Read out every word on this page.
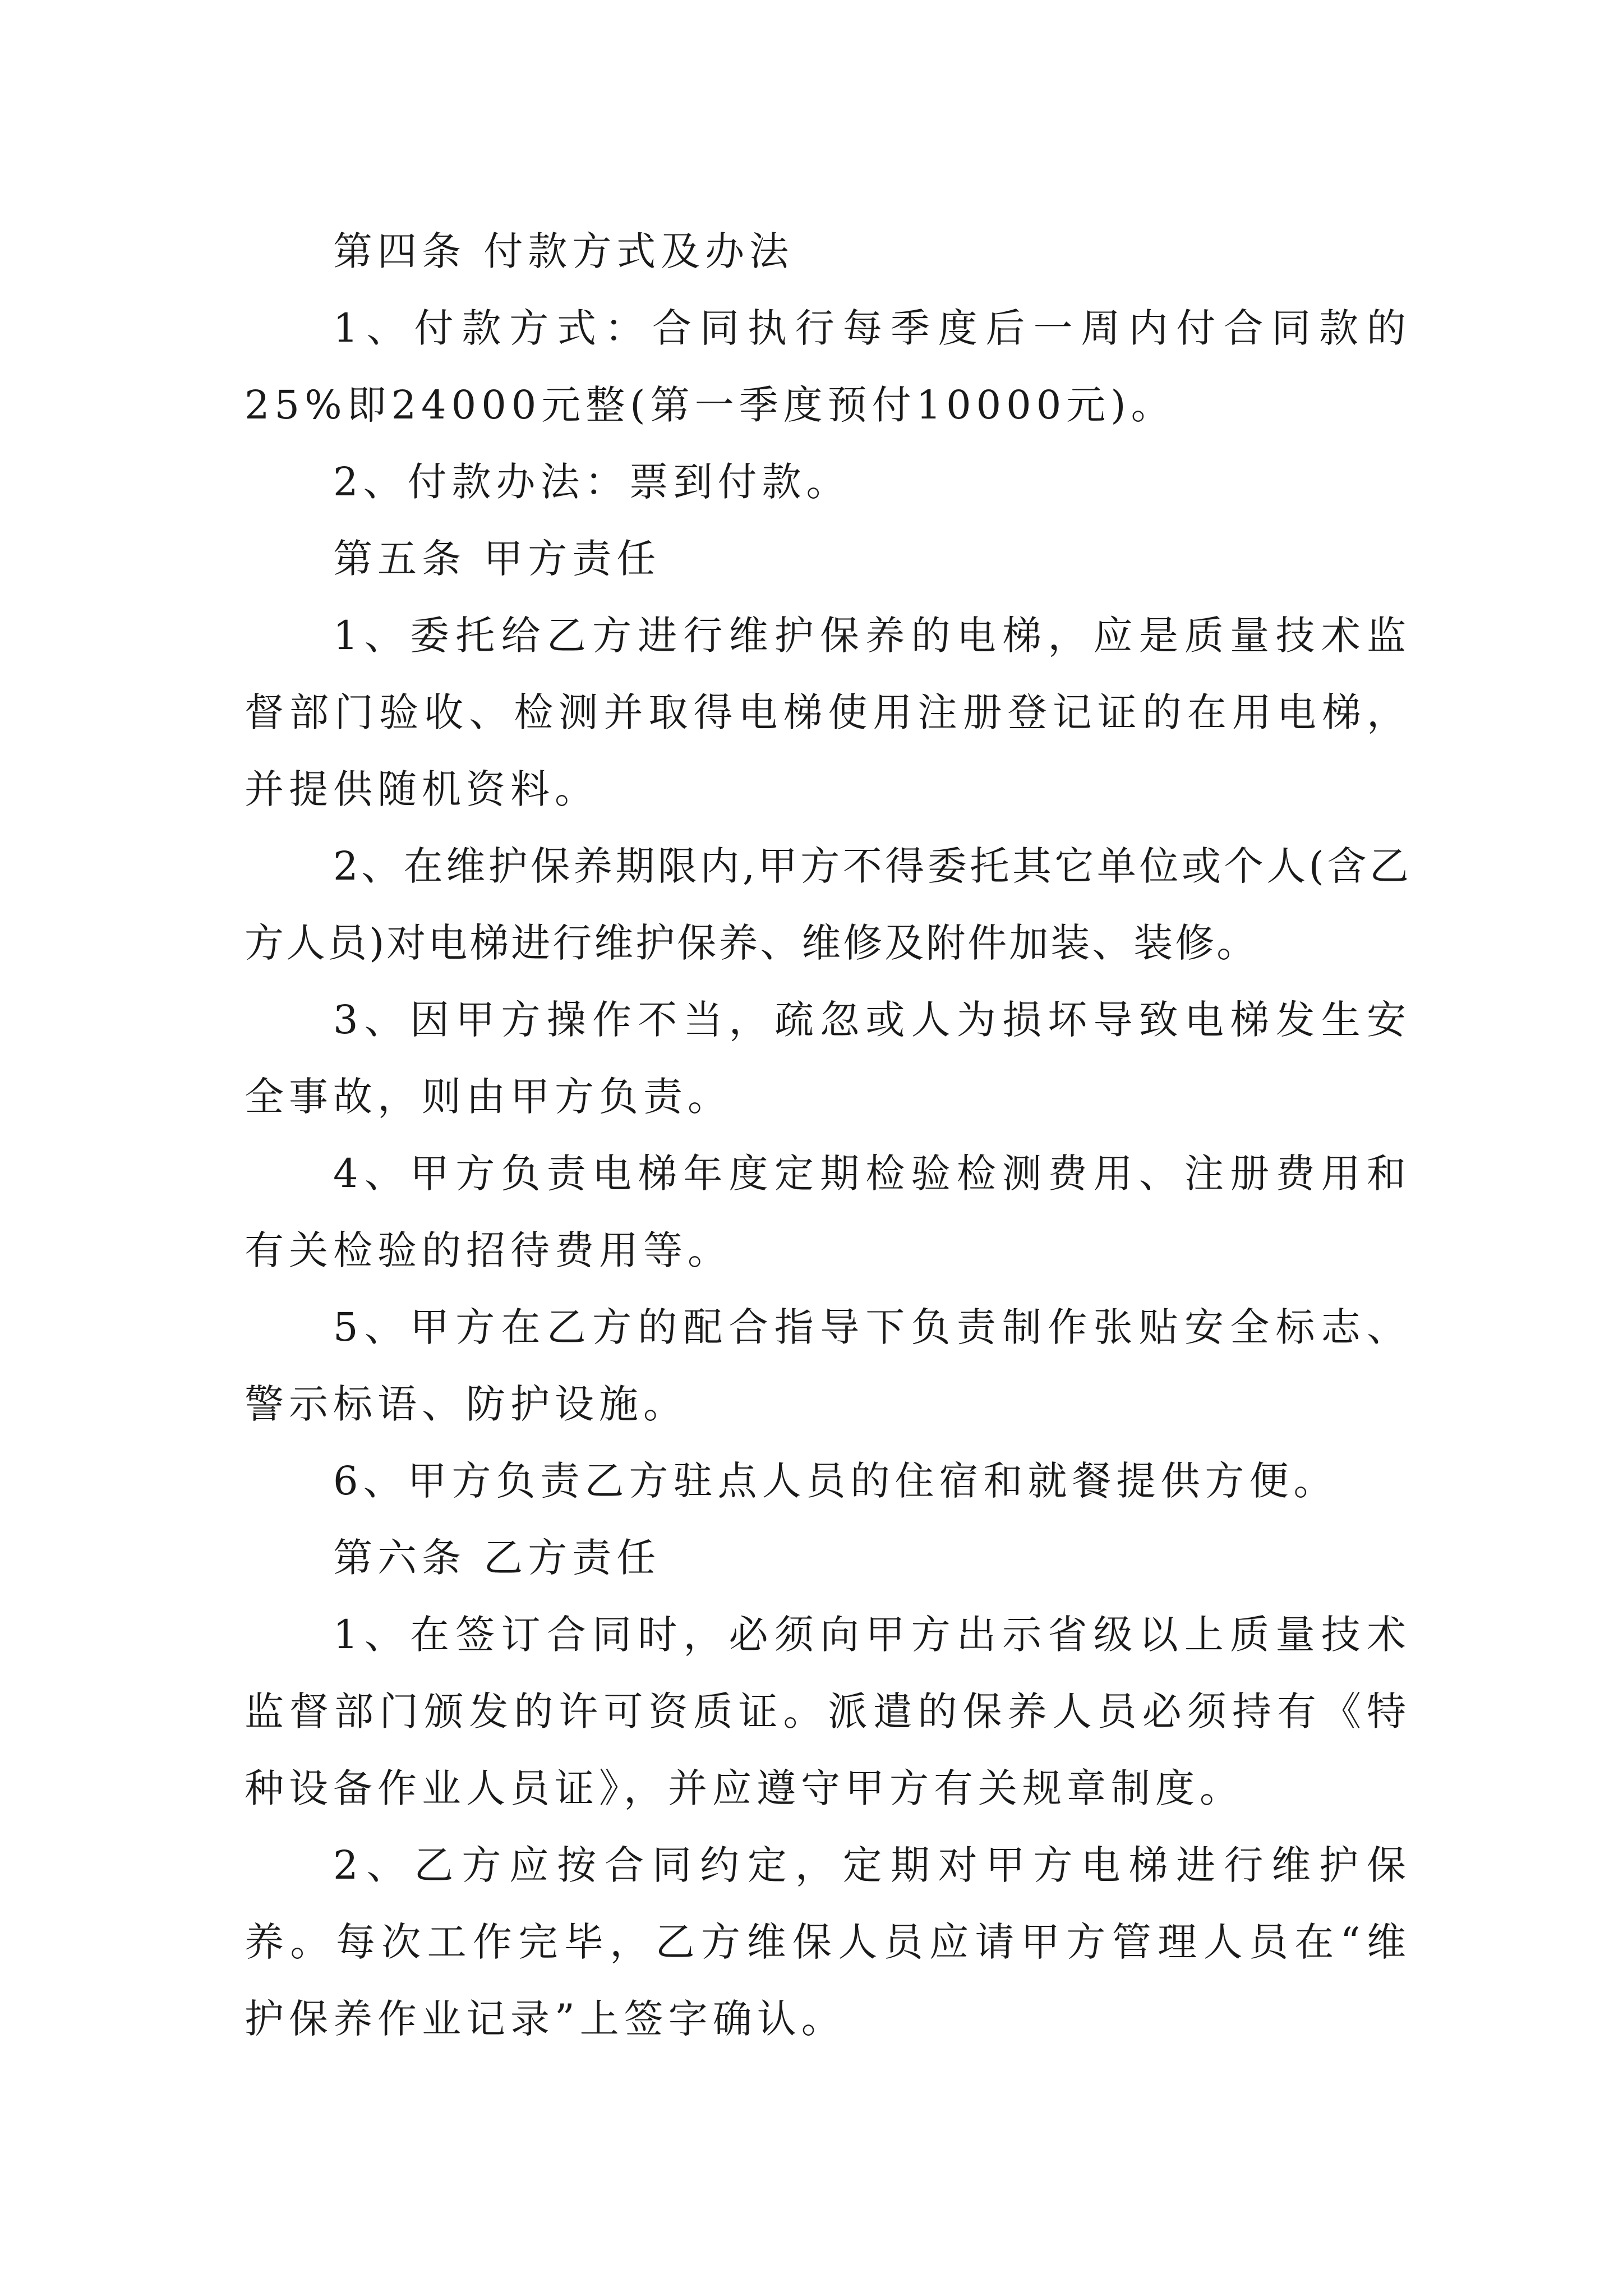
第四条 付款方式及办法

1、付款方式：合同执行每季度后一周内付合同款的25%即24000元整(第一季度预付10000元)。

2、付款办法：票到付款。

第五条 甲方责任

1、委托给乙方进行维护保养的电梯，应是质量技术监督部门验收、检测并取得电梯使用注册登记证的在用电梯，并提供随机资料。

2、在维护保养期限内,甲方不得委托其它单位或个人(含乙方人员)对电梯进行维护保养、维修及附件加装、装修。

3、因甲方操作不当，疏忽或人为损坏导致电梯发生安全事故，则由甲方负责。

4、甲方负责电梯年度定期检验检测费用、注册费用和有关检验的招待费用等。

5、甲方在乙方的配合指导下负责制作张贴安全标志、警示标语、防护设施。

6、甲方负责乙方驻点人员的住宿和就餐提供方便。

第六条 乙方责任

1、在签订合同时，必须向甲方出示省级以上质量技术监督部门颁发的许可资质证。派遣的保养人员必须持有《特种设备作业人员证》，并应遵守甲方有关规章制度。

2、乙方应按合同约定，定期对甲方电梯进行维护保养。每次工作完毕，乙方维保人员应请甲方管理人员在“维护保养作业记录”上签字确认。
